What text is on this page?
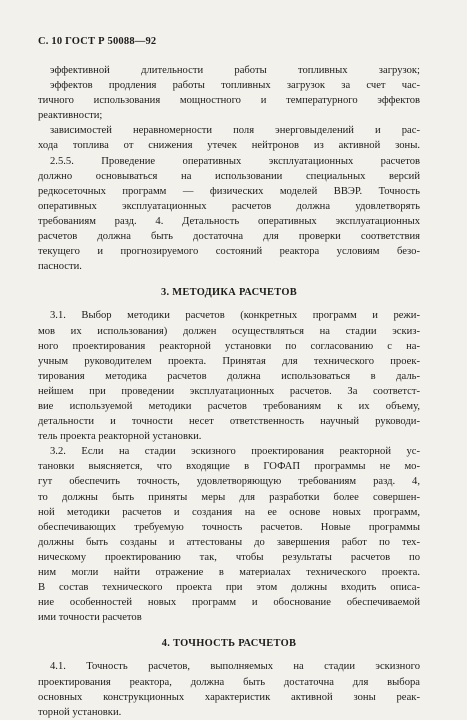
С. 10 ГОСТ Р 50088—92
эффективной длительности работы топливных загрузок;
эффектов продления работы топливных загрузок за счет час-
тичного использования мощностного и температурного эффектов
реактивности;
зависимостей неравномерности поля энерговыделений и рас-
хода топлива от снижения утечек нейтронов из активной зоны.
2.5.5. Проведение оперативных эксплуатационных расчетов
должно основываться на использовании специальных версий
редкосеточных программ — физических моделей ВВЭР. Точность
оперативных эксплуатационных расчетов должна удовлетворять
требованиям разд. 4. Детальность оперативных эксплуатационных
расчетов должна быть достаточна для проверки соответствия
текущего и прогнозируемого состояний реактора условиям безо-
пасности.
3. МЕТОДИКА РАСЧЕТОВ
3.1. Выбор методики расчетов (конкретных программ и режи-
мов их использования) должен осуществляться на стадии эскиз-
ного проектирования реакторной установки по согласованию с на-
учным руководителем проекта. Принятая для технического проек-
тирования методика расчетов должна использоваться в даль-
нейшем при проведении эксплуатационных расчетов. За соответст-
вие используемой методики расчетов требованиям к их объему,
детальности и точности несет ответственность научный руководи-
тель проекта реакторной установки.
3.2. Если на стадии эскизного проектирования реакторной ус-
тановки выясняется, что входящие в ГОФАП программы не мо-
гут обеспечить точность, удовлетворяющую требованиям разд. 4,
то должны быть приняты меры для разработки более совершен-
ной методики расчетов и создания на ее основе новых программ,
обеспечивающих требуемую точность расчетов. Новые программы
должны быть созданы и аттестованы до завершения работ по тех-
ническому проектированию так, чтобы результаты расчетов по
ним могли найти отражение в материалах технического проекта.
В состав технического проекта при этом должны входить описа-
ние особенностей новых программ и обоснование обеспечиваемой
ими точности расчетов
4. ТОЧНОСТЬ РАСЧЕТОВ
4.1. Точность расчетов, выполняемых на стадии эскизного
проектирования реактора, должна быть достаточна для выбора
основных конструкционных характеристик активной зоны реак-
торной установки.
